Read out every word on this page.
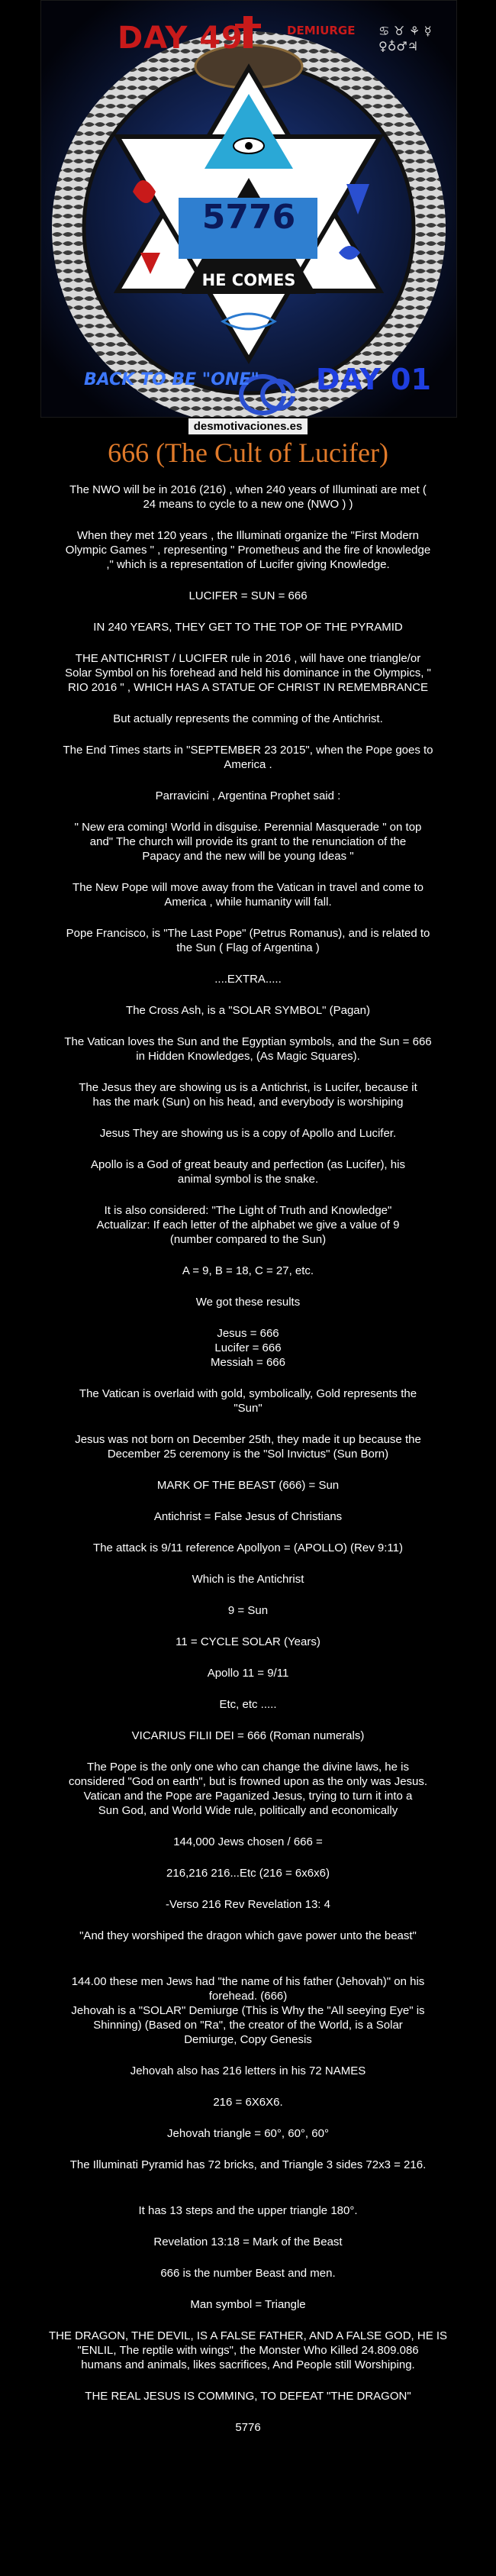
DAY 49	DEMIURGE ♋ ♉ ⚘ ☿ ♀♁♂♃
5776
HE COMES
BACK TO BE "ONE" DAY 01
desmotivaciones.es
666 (The Cult of Lucifer)

The NWO will be in 2016 (216) , when 240 years of Illuminati are met (
24 means to cycle to a new one (NWO ) )

When they met 120 years , the Illuminati organize the "First Modern
Olympic Games " , representing " Prometheus and the fire of knowledge
," which is a representation of Lucifer giving Knowledge.

LUCIFER = SUN = 666

IN 240 YEARS, THEY GET TO THE TOP OF THE PYRAMID

THE ANTICHRIST / LUCIFER rule in 2016 , will have one triangle/or
Solar Symbol on his forehead and held his dominance in the Olympics, "
RIO 2016 " , WHICH HAS A STATUE OF CHRIST IN REMEMBRANCE

But actually represents the comming of the Antichrist.

The End Times starts in "SEPTEMBER 23 2015", when the Pope goes to
America .

Parravicini , Argentina Prophet said :

" New era coming! World in disguise. Perennial Masquerade " on top
and" The church will provide its grant to the renunciation of the
Papacy and the new will be young Ideas "

The New Pope will move away from the Vatican in travel and come to
America , while humanity will fall.

Pope Francisco, is "The Last Pope" (Petrus Romanus), and is related to
the Sun ( Flag of Argentina )

....EXTRA.....

The Cross Ash, is a "SOLAR SYMBOL" (Pagan)

The Vatican loves the Sun and the Egyptian symbols, and the Sun = 666
in Hidden Knowledges, (As Magic Squares).

The Jesus they are showing us is a Antichrist, is Lucifer, because it
has the mark (Sun) on his head, and everybody is worshiping

Jesus They are showing us is a copy of Apollo and Lucifer.

Apollo is a God of great beauty and perfection (as Lucifer), his
animal symbol is the snake.

It is also considered: "The Light of Truth and Knowledge"
Actualizar: If each letter of the alphabet we give a value of 9
(number compared to the Sun)

A = 9, B = 18, C = 27, etc.

We got these results

Jesus = 666
Lucifer = 666
Messiah = 666

The Vatican is overlaid with gold, symbolically, Gold represents the
"Sun"

Jesus was not born on December 25th, they made it up because the
December 25 ceremony is the "Sol Invictus" (Sun Born)

MARK OF THE BEAST (666) = Sun

Antichrist = False Jesus of Christians

The attack is 9/11 reference Apollyon = (APOLLO) (Rev 9:11)

Which is the Antichrist

9 = Sun

11 = CYCLE SOLAR (Years)

Apollo 11 = 9/11

Etc, etc .....

VICARIUS FILII DEI = 666 (Roman numerals)

The Pope is the only one who can change the divine laws, he is
considered "God on earth", but is frowned upon as the only was Jesus.
Vatican and the Pope are Paganized Jesus, trying to turn it into a
Sun God, and World Wide rule, politically and economically

144,000 Jews chosen / 666 =

216,216 216...Etc (216 = 6x6x6)

-Verso 216 Rev Revelation 13: 4

"And they worshiped the dragon which gave power unto the beast"

144.00 these men Jews had "the name of his father (Jehovah)" on his
forehead. (666)
Jehovah is a "SOLAR" Demiurge (This is Why the "All seeying Eye" is
Shinning) (Based on "Ra", the creator of the World, is a Solar
Demiurge, Copy Genesis

Jehovah also has 216 letters in his 72 NAMES

216 = 6X6X6.

Jehovah triangle = 60°, 60°, 60°

The Illuminati Pyramid has 72 bricks, and Triangle 3 sides 72x3 = 216.

It has 13 steps and the upper triangle 180°.

Revelation 13:18 = Mark of the Beast

666 is the number Beast and men.

Man symbol = Triangle

THE DRAGON, THE DEVIL, IS A FALSE FATHER, AND A FALSE GOD, HE IS
"ENLIL, The reptile with wings", the Monster Who Killed 24.809.086
humans and animals, likes sacrifices, And People still Worshiping.

THE REAL JESUS IS COMMING, TO DEFEAT "THE DRAGON"

5776
